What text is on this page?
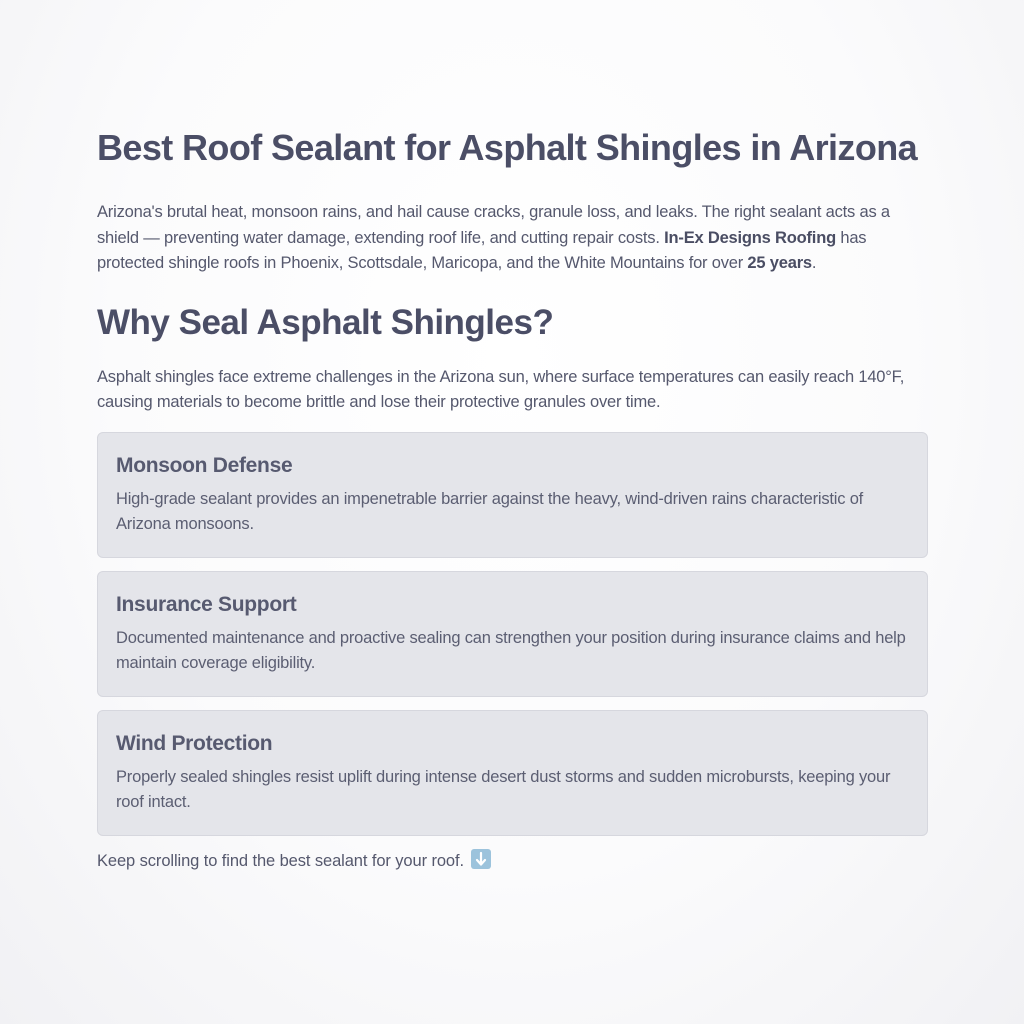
Best Roof Sealant for Asphalt Shingles in Arizona

Arizona's brutal heat, monsoon rains, and hail cause cracks, granule loss, and leaks. The right sealant acts as a shield — preventing water damage, extending roof life, and cutting repair costs. In-Ex Designs Roofing has protected shingle roofs in Phoenix, Scottsdale, Maricopa, and the White Mountains for over 25 years.

Why Seal Asphalt Shingles?

Asphalt shingles face extreme challenges in the Arizona sun, where surface temperatures can easily reach 140°F, causing materials to become brittle and lose their protective granules over time.

Monsoon Defense

High-grade sealant provides an impenetrable barrier against the heavy, wind-driven rains characteristic of Arizona monsoons.

Insurance Support

Documented maintenance and proactive sealing can strengthen your position during insurance claims and help maintain coverage eligibility.

Wind Protection

Properly sealed shingles resist uplift during intense desert dust storms and sudden microbursts, keeping your roof intact.

Keep scrolling to find the best sealant for your roof.
